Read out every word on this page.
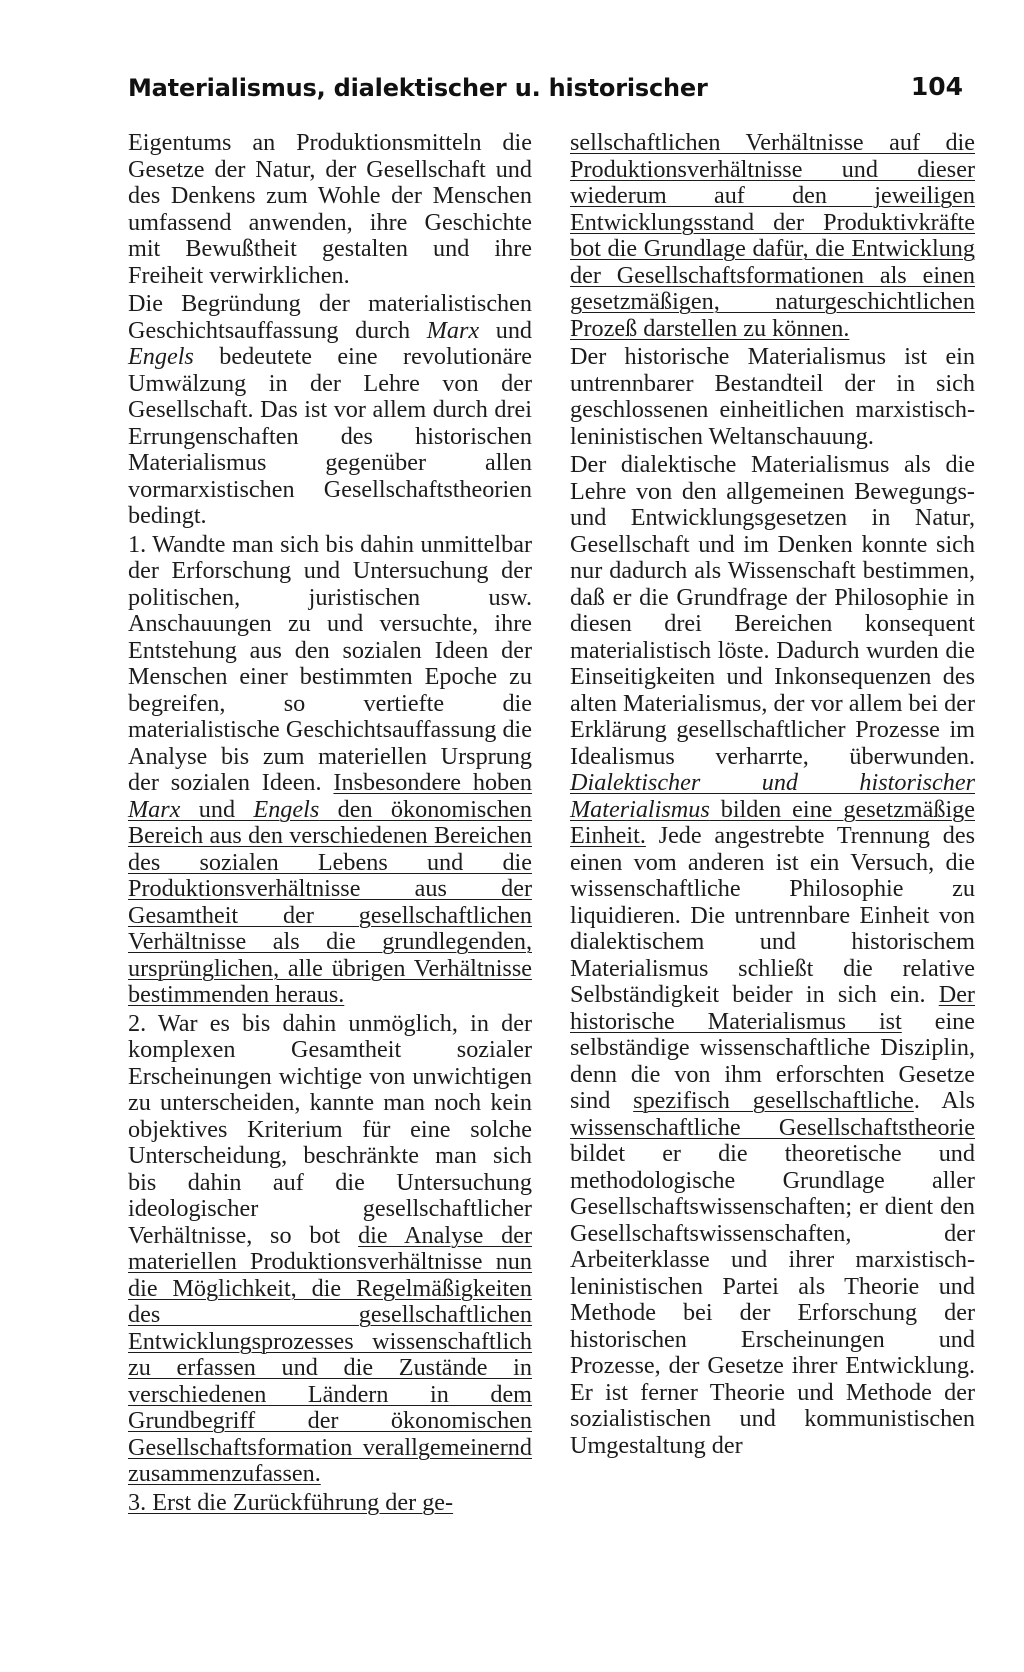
Materialismus, dialektischer u. historischer	104

Eigentums an Produktionsmitteln die Gesetze der Natur, der Gesellschaft und des Denkens zum Wohle der Menschen umfassend anwenden, ihre Geschichte mit Bewußtheit gestalten und ihre Freiheit verwirklichen.

Die Begründung der materialistischen Geschichtsauffassung durch Marx und Engels bedeutete eine revolutionäre Umwälzung in der Lehre von der Gesellschaft. Das ist vor allem durch drei Errungenschaften des historischen Materialismus gegenüber allen vormarxistischen Gesellschaftstheorien bedingt.

1. Wandte man sich bis dahin unmittelbar der Erforschung und Untersuchung der politischen, juristischen usw. Anschauungen zu und versuchte, ihre Entstehung aus den sozialen Ideen der Menschen einer bestimmten Epoche zu begreifen, so vertiefte die materialistische Geschichtsauffassung die Analyse bis zum materiellen Ursprung der sozialen Ideen. Insbesondere hoben Marx und Engels den ökonomischen Bereich aus den verschiedenen Bereichen des sozialen Lebens und die Produktionsverhältnisse aus der Gesamtheit der gesellschaftlichen Verhältnisse als die grundlegenden, ursprünglichen, alle übrigen Verhältnisse bestimmenden heraus.

2. War es bis dahin unmöglich, in der komplexen Gesamtheit sozialer Erscheinungen wichtige von unwichtigen zu unterscheiden, kannte man noch kein objektives Kriterium für eine solche Unterscheidung, beschränkte man sich bis dahin auf die Untersuchung ideologischer gesellschaftlicher Verhältnisse, so bot die Analyse der materiellen Produktionsverhältnisse nun die Möglichkeit, die Regelmäßigkeiten des gesellschaftlichen Entwicklungsprozesses wissenschaftlich zu erfassen und die Zustände in verschiedenen Ländern in dem Grundbegriff der ökonomischen Gesellschaftsformation verallgemeinernd zusammenzufassen.

3. Erst die Zurückführung der ge-

sellschaftlichen Verhältnisse auf die Produktionsverhältnisse und dieser wiederum auf den jeweiligen Entwicklungsstand der Produktivkräfte bot die Grundlage dafür, die Entwicklung der Gesellschaftsformationen als einen gesetzmäßigen, naturgeschichtlichen Prozeß darstellen zu können.

Der historische Materialismus ist ein untrennbarer Bestandteil der in sich geschlossenen einheitlichen marxistisch-leninistischen Weltanschauung.

Der dialektische Materialismus als die Lehre von den allgemeinen Bewegungs- und Entwicklungsgesetzen in Natur, Gesellschaft und im Denken konnte sich nur dadurch als Wissenschaft bestimmen, daß er die Grundfrage der Philosophie in diesen drei Bereichen konsequent materialistisch löste. Dadurch wurden die Einseitigkeiten und Inkonsequenzen des alten Materialismus, der vor allem bei der Erklärung gesellschaftlicher Prozesse im Idealismus verharrte, überwunden. Dialektischer und historischer Materialismus bilden eine gesetzmäßige Einheit. Jede angestrebte Trennung des einen vom anderen ist ein Versuch, die wissenschaftliche Philosophie zu liquidieren. Die untrennbare Einheit von dialektischem und historischem Materialismus schließt die relative Selbständigkeit beider in sich ein. Der historische Materialismus ist eine selbständige wissenschaftliche Disziplin, denn die von ihm erforschten Gesetze sind spezifisch gesellschaftliche. Als wissenschaftliche Gesellschaftstheorie bildet er die theoretische und methodologische Grundlage aller Gesellschaftswissenschaften; er dient den Gesellschaftswissenschaften, der Arbeiterklasse und ihrer marxistisch-leninistischen Partei als Theorie und Methode bei der Erforschung der historischen Erscheinungen und Prozesse, der Gesetze ihrer Entwicklung. Er ist ferner Theorie und Methode der sozialistischen und kommunistischen Umgestaltung der
